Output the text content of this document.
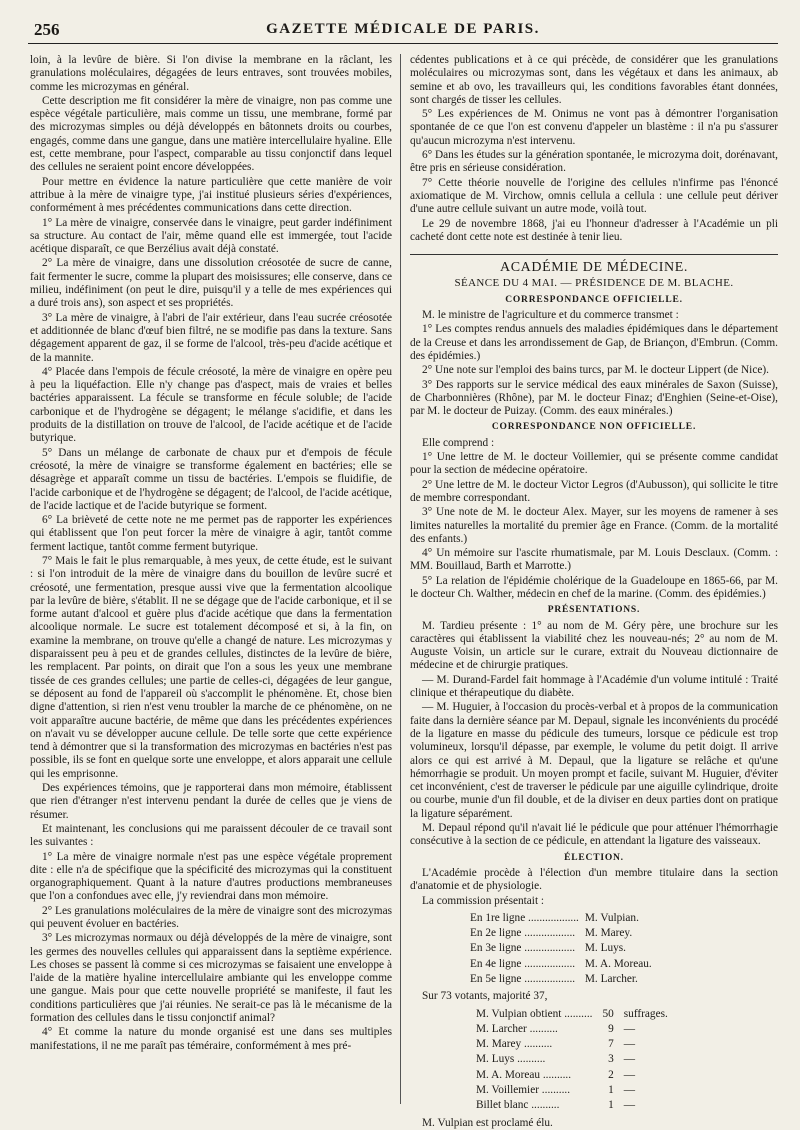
256	GAZETTE MÉDICALE DE PARIS.

loin, à la levûre de bière. Si l'on divise la membrane en la râclant, les granulations moléculaires, dégagées de leurs entraves, sont trouvées mobiles, comme les microzymas en général.

Cette description me fit considérer la mère de vinaigre, non pas comme une espèce végétale particulière, mais comme un tissu, une membrane, formé par des microzymas simples ou déjà développés en bâtonnets droits ou courbes, engagés, comme dans une gangue, dans une matière intercellulaire hyaline. Elle est, cette membrane, pour l'aspect, comparable au tissu conjonctif dans lequel des cellules ne seraient point encore développées.

Pour mettre en évidence la nature particulière que cette manière de voir attribue à la mère de vinaigre type, j'ai institué plusieurs séries d'expériences, conformément à mes précédentes communications dans cette direction.

1° La mère de vinaigre, conservée dans le vinaigre, peut garder indéfiniment sa structure. Au contact de l'air, même quand elle est immergée, tout l'acide acétique disparaît, ce que Berzélius avait déjà constaté.

2° La mère de vinaigre, dans une dissolution créosotée de sucre de canne, fait fermenter le sucre, comme la plupart des moisissures; elle conserve, dans ce milieu, indéfiniment (on peut le dire, puisqu'il y a telle de mes expériences qui a duré trois ans), son aspect et ses propriétés.

3° La mère de vinaigre, à l'abri de l'air extérieur, dans l'eau sucrée créosotée et additionnée de blanc d'œuf bien filtré, ne se modifie pas dans la texture. Sans dégagement apparent de gaz, il se forme de l'alcool, très-peu d'acide acétique et de la mannite.

4° Placée dans l'empois de fécule créosoté, la mère de vinaigre en opère peu à peu la liquéfaction. Elle n'y change pas d'aspect, mais de vraies et belles bactéries apparaissent. La fécule se transforme en fécule soluble; de l'acide carbonique et de l'hydrogène se dégagent; le mélange s'acidifie, et dans les produits de la distillation on trouve de l'alcool, de l'acide acétique et de l'acide butyrique.

5° Dans un mélange de carbonate de chaux pur et d'empois de fécule créosoté, la mère de vinaigre se transforme également en bactéries; elle se désagrège et apparaît comme un tissu de bactéries. L'empois se fluidifie, de l'acide carbonique et de l'hydrogène se dégagent; de l'alcool, de l'acide acétique, de l'acide lactique et de l'acide butyrique se forment.

6° La brièveté de cette note ne me permet pas de rapporter les expériences qui établissent que l'on peut forcer la mère de vinaigre à agir, tantôt comme ferment lactique, tantôt comme ferment butyrique.

7° Mais le fait le plus remarquable, à mes yeux, de cette étude, est le suivant : si l'on introduit de la mère de vinaigre dans du bouillon de levûre sucré et créosoté, une fermentation, presque aussi vive que la fermentation alcoolique par la levûre de bière, s'établit. Il ne se dégage que de l'acide carbonique, et il se forme autant d'alcool et guère plus d'acide acétique que dans la fermentation alcoolique normale. Le sucre est totalement décomposé et si, à la fin, on examine la membrane, on trouve qu'elle a changé de nature. Les microzymas y disparaissent peu à peu et de grandes cellules, distinctes de la levûre de bière, les remplacent. Par points, on dirait que l'on a sous les yeux une membrane tissée de ces grandes cellules; une partie de celles-ci, dégagées de leur gangue, se déposent au fond de l'appareil où s'accomplit le phénomène. Et, chose bien digne d'attention, si rien n'est venu troubler la marche de ce phénomène, on ne voit apparaître aucune bactérie, de même que dans les précédentes expériences on n'avait vu se développer aucune cellule. De telle sorte que cette expérience tend à démontrer que si la transformation des microzymas en bactéries n'est pas possible, ils se font en quelque sorte une enveloppe, et alors apparait une cellule qui les emprisonne.

Des expériences témoins, que je rapporterai dans mon mémoire, établissent que rien d'étranger n'est intervenu pendant la durée de celles que je viens de résumer.

Et maintenant, les conclusions qui me paraissent découler de ce travail sont les suivantes :

1° La mère de vinaigre normale n'est pas une espèce végétale proprement dite : elle n'a de spécifique que la spécificité des microzymas qui la constituent organographiquement. Quant à la nature d'autres productions membraneuses que l'on a confondues avec elle, j'y reviendrai dans mon mémoire.

2° Les granulations moléculaires de la mère de vinaigre sont des microzymas qui peuvent évoluer en bactéries.

3° Les microzymas normaux ou déjà développés de la mère de vinaigre, sont les germes des nouvelles cellules qui apparaissent dans la septième expérience. Les choses se passent là comme si ces microzymas se faisaient une enveloppe à l'aide de la matière hyaline intercellulaire ambiante qui les enveloppe comme une gangue. Mais pour que cette nouvelle propriété se manifeste, il faut les conditions particulières que j'ai réunies. Ne serait-ce pas là le mécanisme de la formation des cellules dans le tissu conjonctif animal?

4° Et comme la nature du monde organisé est une dans ses multiples manifestations, il ne me paraît pas téméraire, conformément à mes pré-

cédentes publications et à ce qui précède, de considérer que les granulations moléculaires ou microzymas sont, dans les végétaux et dans les animaux, ab semine et ab ovo, les travailleurs qui, les conditions favorables étant données, sont chargés de tisser les cellules.

5° Les expériences de M. Onimus ne vont pas à démontrer l'organisation spontanée de ce que l'on est convenu d'appeler un blastème : il n'a pu s'assurer qu'aucun microzyma n'est intervenu.

6° Dans les études sur la génération spontanée, le microzyma doit, dorénavant, être pris en sérieuse considération.

7° Cette théorie nouvelle de l'origine des cellules n'infirme pas l'énoncé axiomatique de M. Virchow, omnis cellula a cellula : une cellule peut dériver d'une autre cellule suivant un autre mode, voilà tout.

Le 29 de novembre 1868, j'ai eu l'honneur d'adresser à l'Académie un pli cacheté dont cette note est destinée à tenir lieu.

ACADÉMIE DE MÉDECINE.
SÉANCE DU 4 MAI. — PRÉSIDENCE DE M. BLACHE.
CORRESPONDANCE OFFICIELLE.

M. le ministre de l'agriculture et du commerce transmet :

1° Les comptes rendus annuels des maladies épidémiques dans le département de la Creuse et dans les arrondissement de Gap, de Briançon, d'Embrun. (Comm. des épidémies.)

2° Une note sur l'emploi des bains turcs, par M. le docteur Lippert (de Nice).

3° Des rapports sur le service médical des eaux minérales de Saxon (Suisse), de Charbonnières (Rhône), par M. le docteur Finaz; d'Enghien (Seine-et-Oise), par M. le docteur de Puizay. (Comm. des eaux minérales.)

CORRESPONDANCE NON OFFICIELLE.

Elle comprend :

1° Une lettre de M. le docteur Voillemier, qui se présente comme candidat pour la section de médecine opératoire.

2° Une lettre de M. le docteur Victor Legros (d'Aubusson), qui sollicite le titre de membre correspondant.

3° Une note de M. le docteur Alex. Mayer, sur les moyens de ramener à ses limites naturelles la mortalité du premier âge en France. (Comm. de la mortalité des enfants.)

4° Un mémoire sur l'ascite rhumatismale, par M. Louis Desclaux. (Comm. : MM. Bouillaud, Barth et Marrotte.)

5° La relation de l'épidémie cholérique de la Guadeloupe en 1865-66, par M. le docteur Ch. Walther, médecin en chef de la marine. (Comm. des épidémies.)

PRÉSENTATIONS.

M. Tardieu présente : 1° au nom de M. Géry père, une brochure sur les caractères qui établissent la viabilité chez les nouveau-nés; 2° au nom de M. Auguste Voisin, un article sur le curare, extrait du Nouveau dictionnaire de médecine et de chirurgie pratiques.

— M. Durand-Fardel fait hommage à l'Académie d'un volume intitulé : Traité clinique et thérapeutique du diabète.

— M. Huguier, à l'occasion du procès-verbal et à propos de la communication faite dans la dernière séance par M. Depaul, signale les inconvénients du procédé de la ligature en masse du pédicule des tumeurs, lorsque ce pédicule est trop volumineux, lorsqu'il dépasse, par exemple, le volume du petit doigt. Il arrive alors ce qui est arrivé à M. Depaul, que la ligature se relâche et qu'une hémorrhagie se produit. Un moyen prompt et facile, suivant M. Huguier, d'éviter cet inconvénient, c'est de traverser le pédicule par une aiguille cylindrique, droite ou courbe, munie d'un fil double, et de la diviser en deux parties dont on pratique la ligature séparément.

M. Depaul répond qu'il n'avait lié le pédicule que pour atténuer l'hémorrhagie consécutive à la section de ce pédicule, en attendant la ligature des vaisseaux.

ÉLECTION.

L'Académie procède à l'élection d'un membre titulaire dans la section d'anatomie et de physiologie.

La commission présentait :

En 1re ligne ..................	M. Vulpian.
En 2e ligne ..................	M. Marey.
En 3e ligne ..................	M. Luys.
En 4e ligne ..................	M. A. Moreau.
En 5e ligne ..................	M. Larcher.

Sur 73 votants, majorité 37,

M. Vulpian obtient ..........	50	suffrages.
M. Larcher ..........	9	—
M. Marey ..........	7	—
M. Luys ..........	3	—
M. A. Moreau ..........	2	—
M. Voillemier ..........	1	—
Billet blanc ..........	1	—

M. Vulpian est proclamé élu.
